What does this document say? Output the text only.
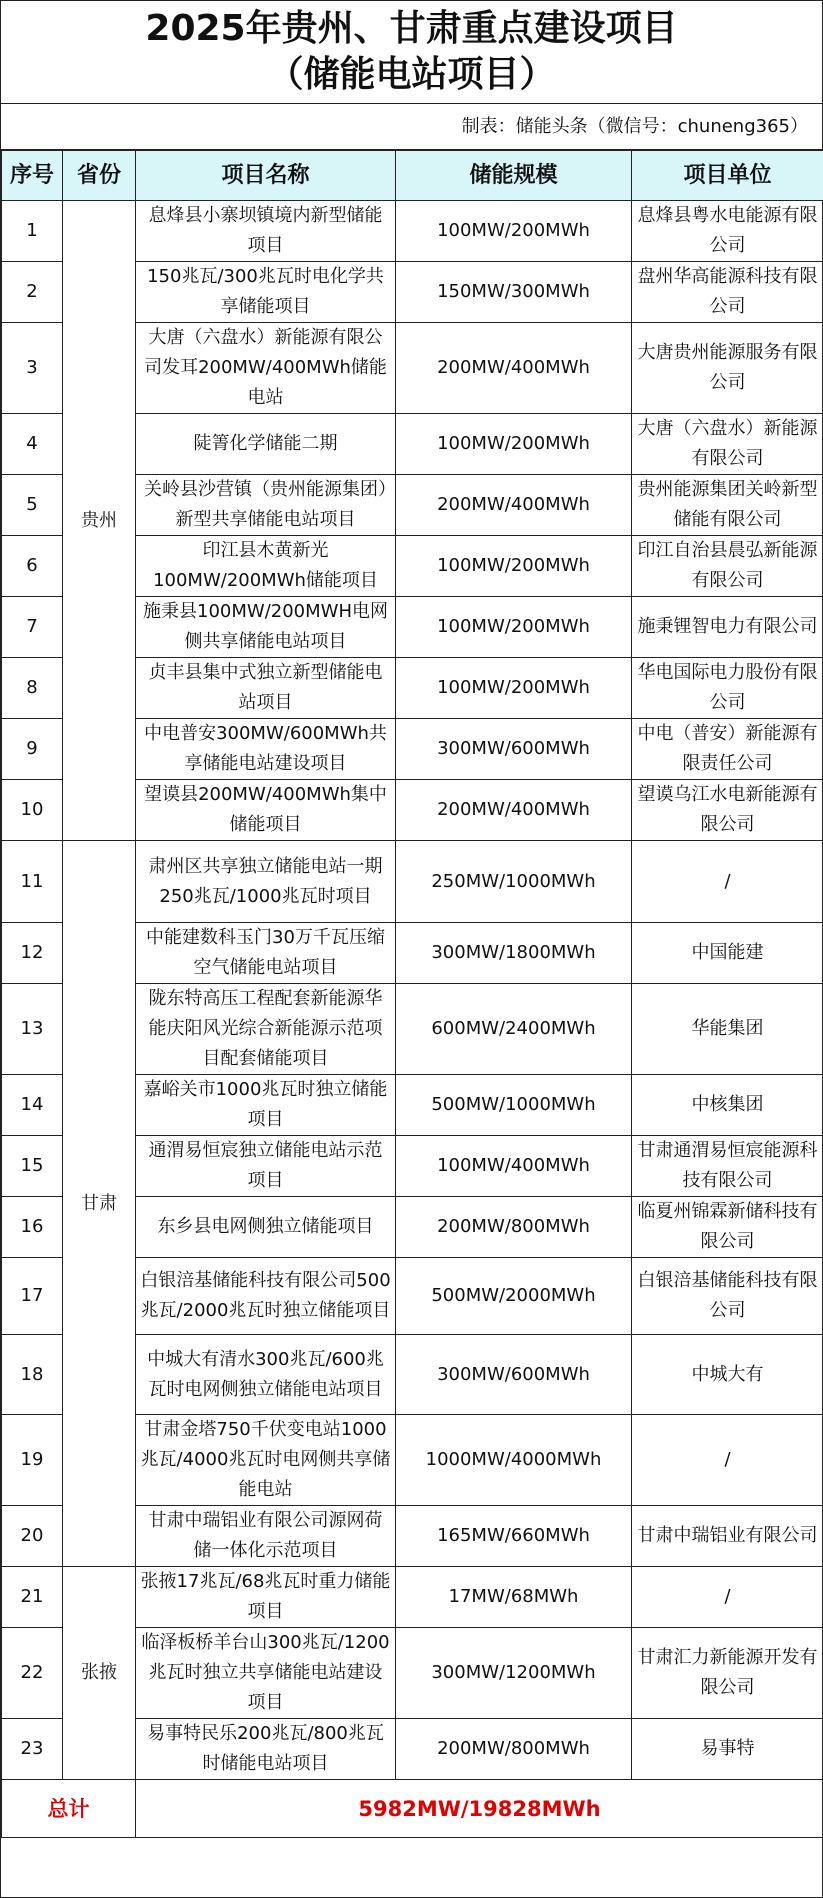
2025年贵州、甘肃重点建设项目
（储能电站项目）
制表：储能头条（微信号：chuneng365）
序号	省份	项目名称	储能规模	项目单位
1	贵州	息烽县小寨坝镇境内新型储能项目	100MW/200MWh	息烽县粤水电能源有限公司
2		150兆瓦/300兆瓦时电化学共享储能项目	150MW/300MWh	盘州华高能源科技有限公司
3		大唐（六盘水）新能源有限公司发耳200MW/400MWh储能电站	200MW/400MWh	大唐贵州能源服务有限公司
4		陡箐化学储能二期	100MW/200MWh	大唐（六盘水）新能源有限公司
5		关岭县沙营镇（贵州能源集团）新型共享储能电站项目	200MW/400MWh	贵州能源集团关岭新型储能有限公司
6		印江县木黄新光100MW/200MWh储能项目	100MW/200MWh	印江自治县晨弘新能源有限公司
7		施秉县100MW/200MWH电网侧共享储能电站项目	100MW/200MWh	施秉锂智电力有限公司
8		贞丰县集中式独立新型储能电站项目	100MW/200MWh	华电国际电力股份有限公司
9		中电普安300MW/600MWh共享储能电站建设项目	300MW/600MWh	中电（普安）新能源有限责任公司
10		望谟县200MW/400MWh集中储能项目	200MW/400MWh	望谟乌江水电新能源有限公司
11	甘肃	肃州区共享独立储能电站一期250兆瓦/1000兆瓦时项目	250MW/1000MWh	/
12		中能建数科玉门30万千瓦压缩空气储能电站项目	300MW/1800MWh	中国能建
13		陇东特高压工程配套新能源华能庆阳风光综合新能源示范项目配套储能项目	600MW/2400MWh	华能集团
14		嘉峪关市1000兆瓦时独立储能项目	500MW/1000MWh	中核集团
15		通渭易恒宸独立储能电站示范项目	100MW/400MWh	甘肃通渭易恒宸能源科技有限公司
16		东乡县电网侧独立储能项目	200MW/800MWh	临夏州锦霖新储科技有限公司
17		白银涪基储能科技有限公司500兆瓦/2000兆瓦时独立储能项目	500MW/2000MWh	白银涪基储能科技有限公司
18		中城大有清水300兆瓦/600兆瓦时电网侧独立储能电站项目	300MW/600MWh	中城大有
19		甘肃金塔750千伏变电站1000兆瓦/4000兆瓦时电网侧共享储能电站	1000MW/4000MWh	/
20		甘肃中瑞铝业有限公司源网荷储一体化示范项目	165MW/660MWh	甘肃中瑞铝业有限公司
21	张掖	张掖17兆瓦/68兆瓦时重力储能项目	17MW/68MWh	/
22		临泽板桥羊台山300兆瓦/1200兆瓦时独立共享储能电站建设项目	300MW/1200MWh	甘肃汇力新能源开发有限公司
23		易事特民乐200兆瓦/800兆瓦时储能电站项目	200MW/800MWh	易事特
总计		5982MW/19828MWh		
